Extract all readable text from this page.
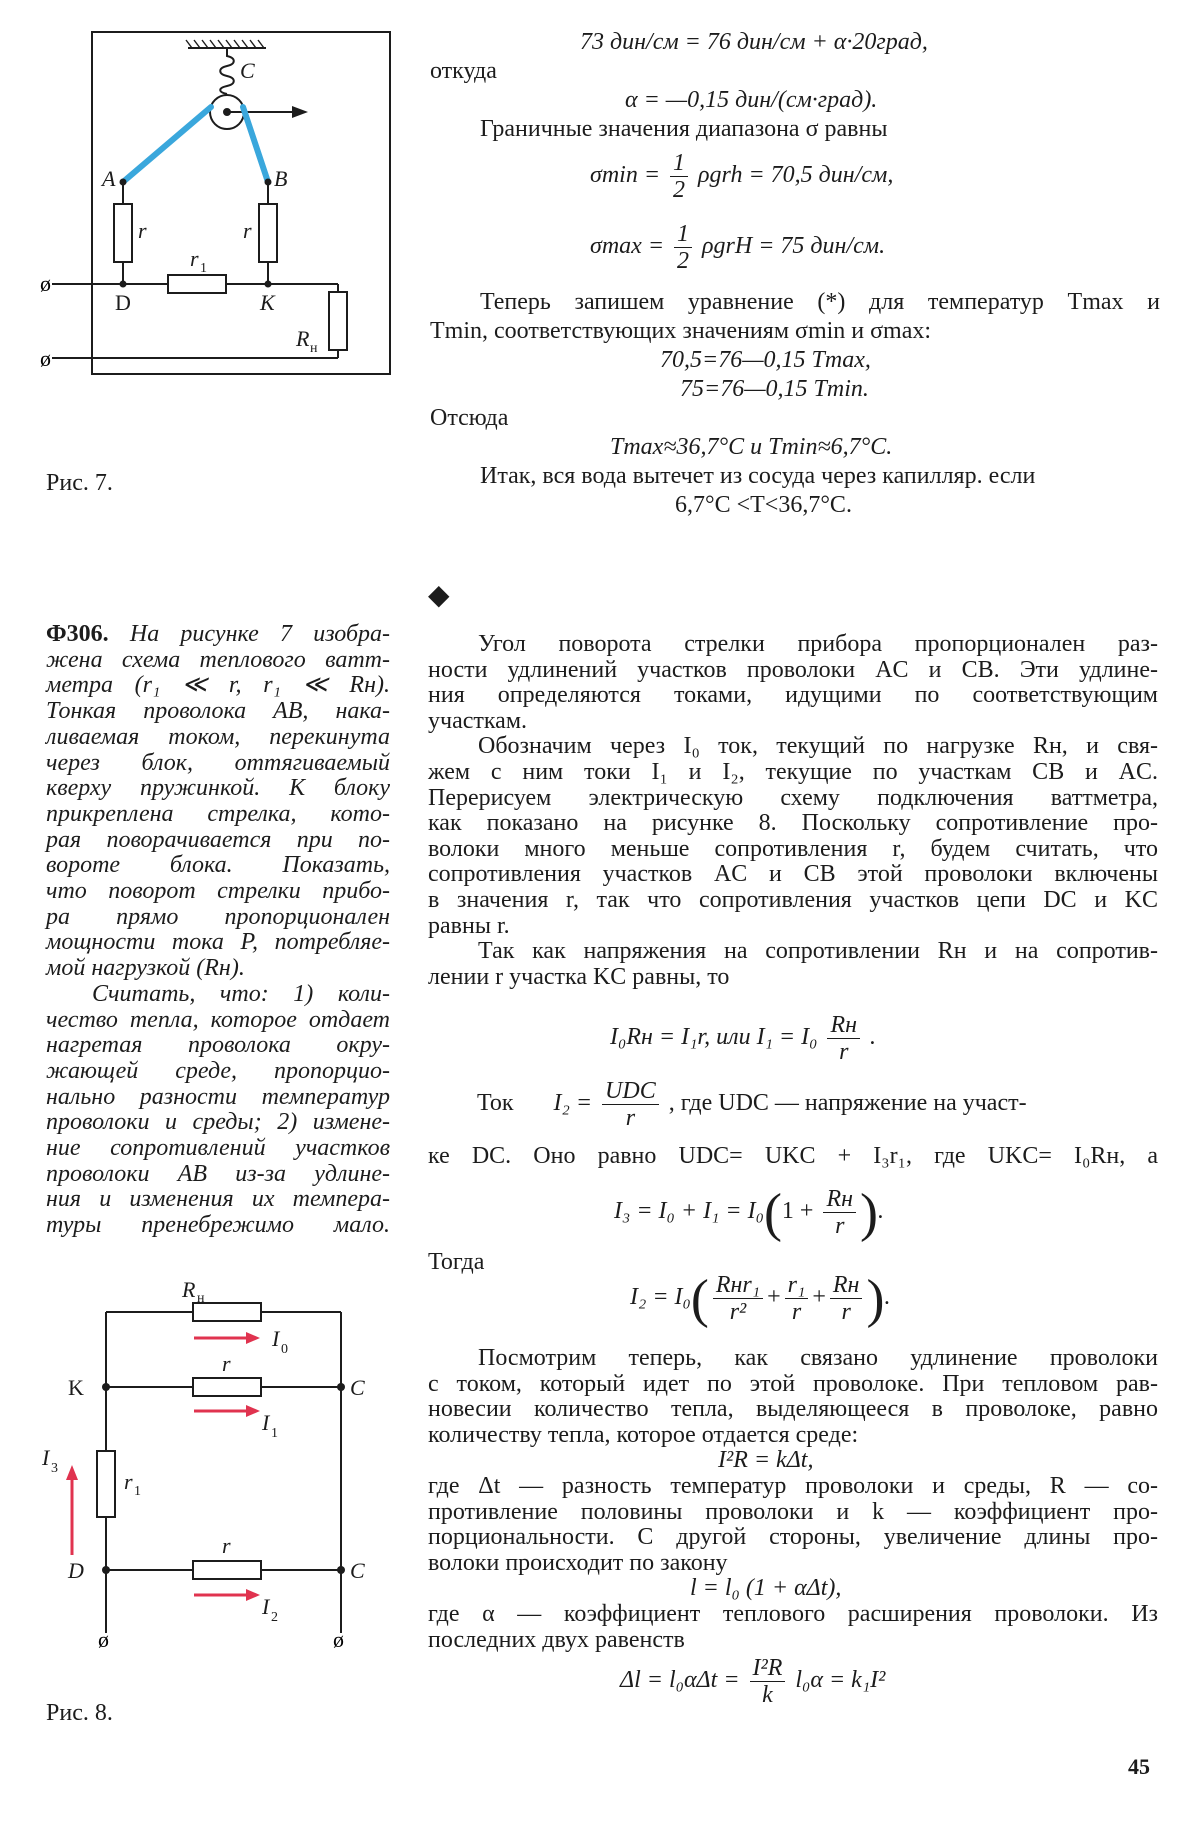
ø
ø
C
A	B
r	r
r 1
D	K
R н
Рис. 7.
73 дин/см = 76 дин/см + α·20град,
откуда
α = —0,15 дин/(см·град).
Граничные значения диапазона σ равны
$\sigma\min = \frac{1}{2}$ ρgrh = 70,5 дин/см,
$\sigma\max = \frac{1}{2}$ ρgrH = 75 дин/см.
Теперь запишем уравнение (*) для температур Tmax и
Tmin, соответствующих значениям σmin и σmax:
70,5=76—0,15 Tmax,
75=76—0,15 Tmin.
Отсюда
Tmax≈36,7°C и Tmin≈6,7°C.
Итак, вся вода вытечет из сосуда через капилляр. если
6,7°C <T<36,7°C.
Ф306. На рисунке 7 изобра-
жена схема теплового ватт-
метра (r₁ ≪ r, r₁ ≪ Rн).
Тонкая проволока AB, нака-
ливаемая током, перекинута
через блок, оттягиваемый
кверху пружинкой. К блоку
прикреплена стрелка, кото-
рая поворачивается при по-
вороте блока. Показать,
что поворот стрелки прибо-
ра прямо пропорционален
мощности тока P, потребляе-
мой нагрузкой (Rн).
Считать, что: 1) коли-
чество тепла, которое отдает
нагретая проволока окру-
жающей среде, пропорцио-
нально разности температур
проволоки и среды; 2) измене-
ние сопротивлений участков
проволоки AB из-за удлине-
ния и изменения их темпера-
туры пренебрежимо мало.
R н
I 0
r
K	C
I 1
I 3
r 1
r
D	C
I 2
ø	ø
Рис. 8.
◆
Угол поворота стрелки прибора пропорционален раз-
ности удлинений участков проволоки AC и CB. Эти удлине-
ния определяются токами, идущими по соответствующим
участкам.
Обозначим через I₀ ток, текущий по нагрузке Rн, и свя-
жем с ним токи I₁ и I₂, текущие по участкам CB и AC.
Перерисуем электрическую схему подключения ваттметра,
как показано на рисунке 8. Поскольку сопротивление про-
волоки много меньше сопротивления r, будем считать, что
сопротивления участков AC и CB этой проволоки включены
в значения r, так что сопротивления участков цепи DC и KC
равны r.
Так как напряжения на сопротивлении Rн и на сопротив-
лении r участка KC равны, то
I₀Rн = I₁r, или $I_1 = I_0 \frac{Rн}{r}$ .
Ток $I_2 = \frac{\text{UDC}}{r}$ , где UDC — напряжение на участ-
ке DC. Оно равно UDC= UKC + I₃r₁, где UKC= I₀Rн, а
$I_3 = I_0 + I_1 = I_0(1 + \frac{Rн}{r}$ ).
Тогда
$I_2 = I_0( \frac{\text{Rнr₁}}{\text{r²}} + \frac{\text{r₁}}{r} + \frac{Rн}{r}$ ).
Посмотрим теперь, как связано удлинение проволоки
с током, который идет по этой проволоке. При тепловом рав-
новесии количество тепла, выделяющееся в проволоке, равно
количеству тепла, которое отдается среде:
I²R = kΔt,
где Δt — разность температур проволоки и среды, R — со-
противление половины проволоки и k — коэффициент про-
порциональности. С другой стороны, увеличение длины про-
волоки происходит по закону
l = l₀ (1 + αΔt),
где α — коэффициент теплового расширения проволоки. Из
последних двух равенств
$\Delta l = l_0\alpha\Delta t = \frac{\text{I²R}}{k} l_0\alpha = k_1I^2$
45
